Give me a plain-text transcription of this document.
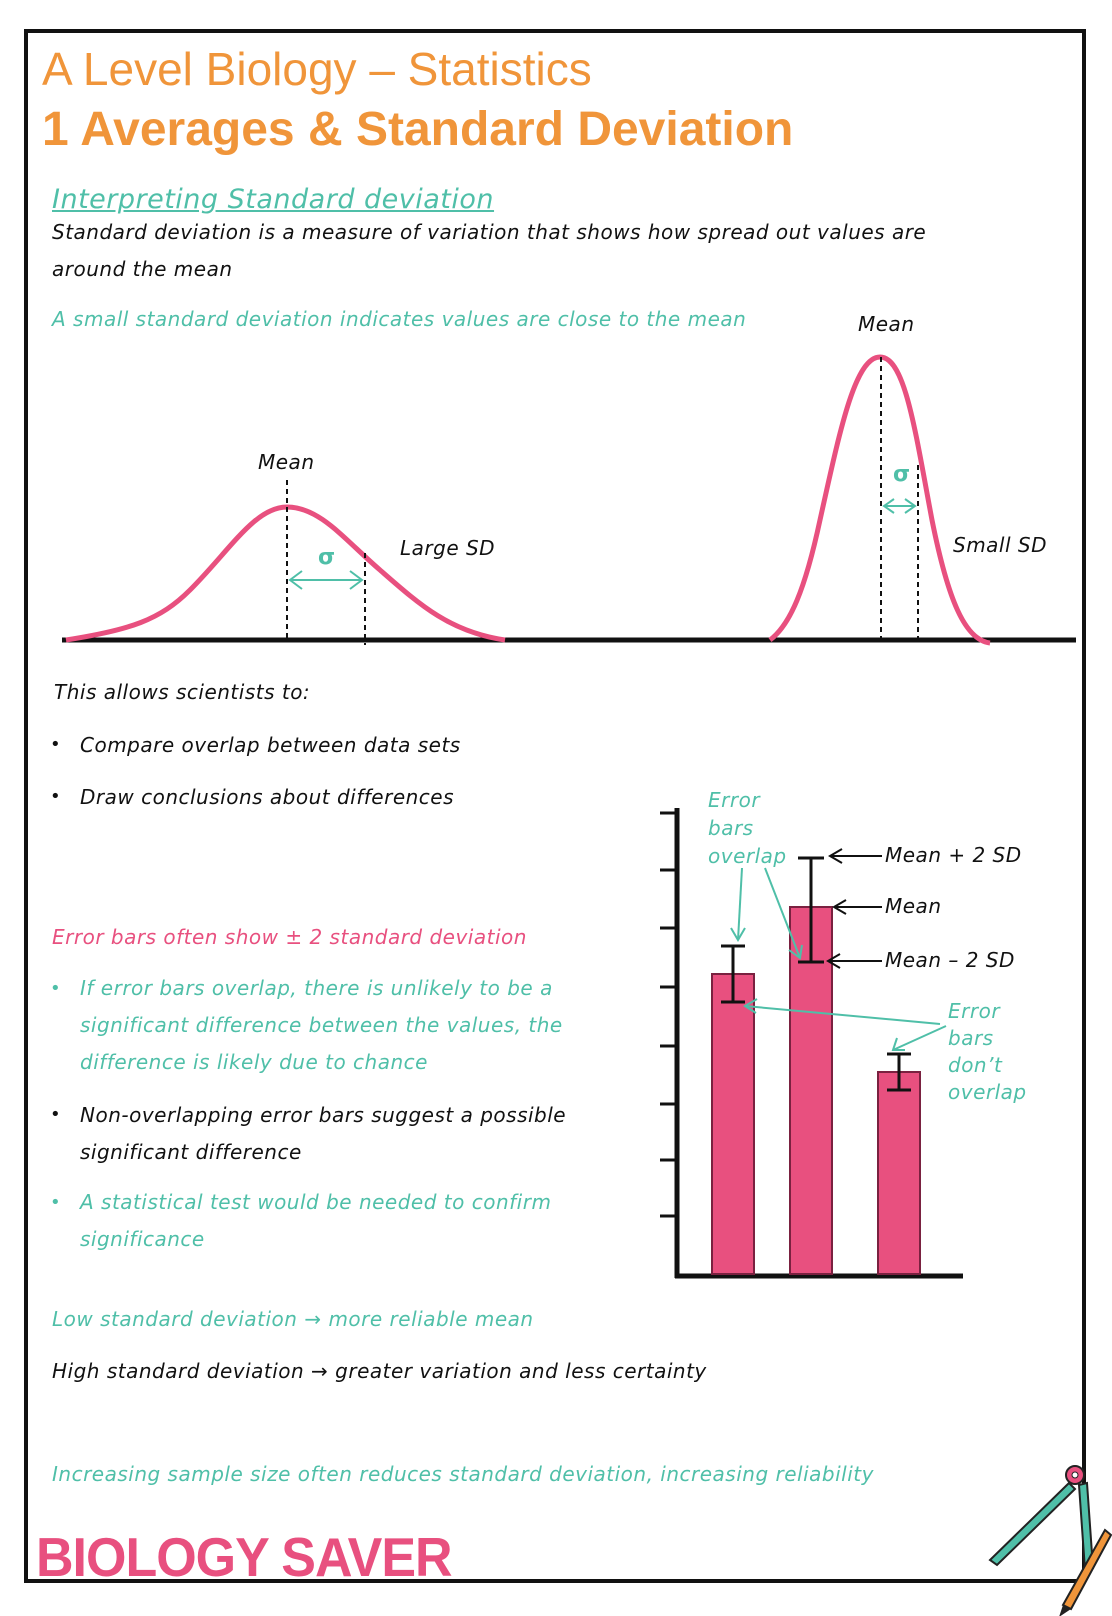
A Level Biology – Statistics
1 Averages & Standard Deviation
Interpreting Standard deviation
Standard deviation is a measure of variation that shows how spread out values are
around the mean
A small standard deviation indicates values are close to the mean
Mean
σ	Large SD
Mean
σ
Small SD
This allows scientists to:
• Compare overlap between data sets
• Draw conclusions about differences
Error bars often show ± 2 standard deviation
• If error bars overlap, there is unlikely to be a
significant difference between the values, the
difference is likely due to chance
• Non-overlapping error bars suggest a possible
significant difference
• A statistical test would be needed to confirm
significance
Error
bars
overlap
Error
bars
don’t
overlap
Mean + 2 SD
Mean
Mean – 2 SD
Low standard deviation → more reliable mean
High standard deviation → greater variation and less certainty
Increasing sample size often reduces standard deviation, increasing reliability
BIOLOGY SAVER
